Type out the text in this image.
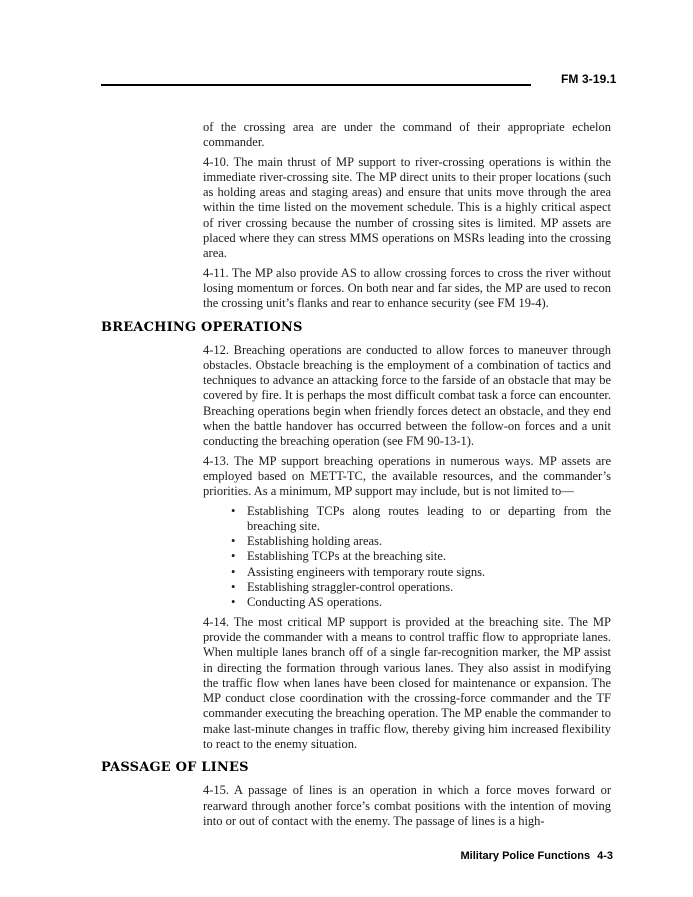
FM 3-19.1

of the crossing area are under the command of their appropriate echelon commander.

4-10. The main thrust of MP support to river-crossing operations is within the immediate river-crossing site. The MP direct units to their proper locations (such as holding areas and staging areas) and ensure that units move through the area within the time listed on the movement schedule. This is a highly critical aspect of river crossing because the number of crossing sites is limited. MP assets are placed where they can stress MMS operations on MSRs leading into the crossing area.

4-11. The MP also provide AS to allow crossing forces to cross the river without losing momentum or forces. On both near and far sides, the MP are used to recon the crossing unit’s flanks and rear to enhance security (see FM 19-4).

BREACHING OPERATIONS

4-12. Breaching operations are conducted to allow forces to maneuver through obstacles. Obstacle breaching is the employment of a combination of tactics and techniques to advance an attacking force to the farside of an obstacle that may be covered by fire. It is perhaps the most difficult combat task a force can encounter. Breaching operations begin when friendly forces detect an obstacle, and they end when the battle handover has occurred between the follow-on forces and a unit conducting the breaching operation (see FM 90-13-1).

4-13. The MP support breaching operations in numerous ways. MP assets are employed based on METT-TC, the available resources, and the commander’s priorities. As a minimum, MP support may include, but is not limited to—

• Establishing TCPs along routes leading to or departing from the breaching site.
• Establishing holding areas.
• Establishing TCPs at the breaching site.
• Assisting engineers with temporary route signs.
• Establishing straggler-control operations.
• Conducting AS operations.

4-14. The most critical MP support is provided at the breaching site. The MP provide the commander with a means to control traffic flow to appropriate lanes. When multiple lanes branch off of a single far-recognition marker, the MP assist in directing the formation through various lanes. They also assist in modifying the traffic flow when lanes have been closed for maintenance or expansion. The MP conduct close coordination with the crossing-force commander and the TF commander executing the breaching operation. The MP enable the commander to make last-minute changes in traffic flow, thereby giving him increased flexibility to react to the enemy situation.

PASSAGE OF LINES

4-15. A passage of lines is an operation in which a force moves forward or rearward through another force’s combat positions with the intention of moving into or out of contact with the enemy. The passage of lines is a high-

Military Police Functions 4-3
